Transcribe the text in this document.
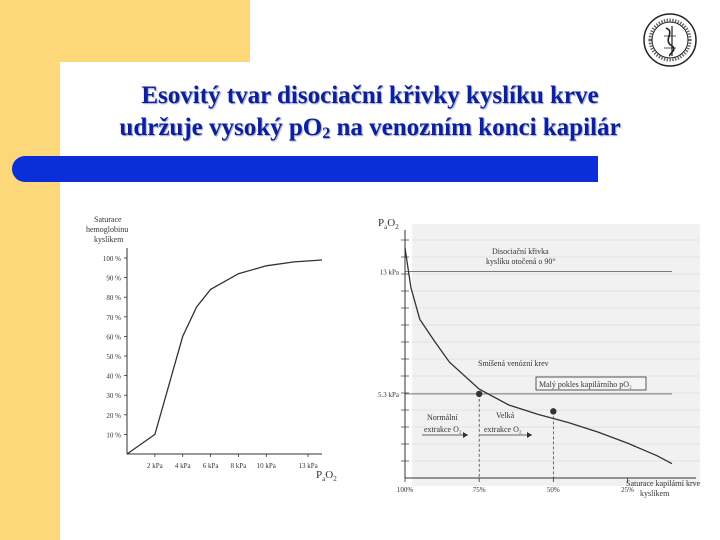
Esovitý tvar disociační křivky kyslíku krve
udržuje vysoký $pO_2$ na venozním konci kapilár
Saturace
hemoglobinu
kyslíkem
100 %
90 %
80 %
70 %
60 %
50 %
40 %
30 %
20 %
10 %
2 kPa 4 kPa 6 kPa 8 kPa 10 kPa	13 kPa
$P_aO_2$
$P_aO_2$
13 kPa
5.3 kPa
100%	75%	50%	25%
Disociační křivka
kyslíku otočená o 90°
Smíšená venózní krev
Malý pokles kapilárního pO₂
Normální
extrakce O₂
Velká
extrakce O₂
Saturace kapilární krve
kyslíkem
